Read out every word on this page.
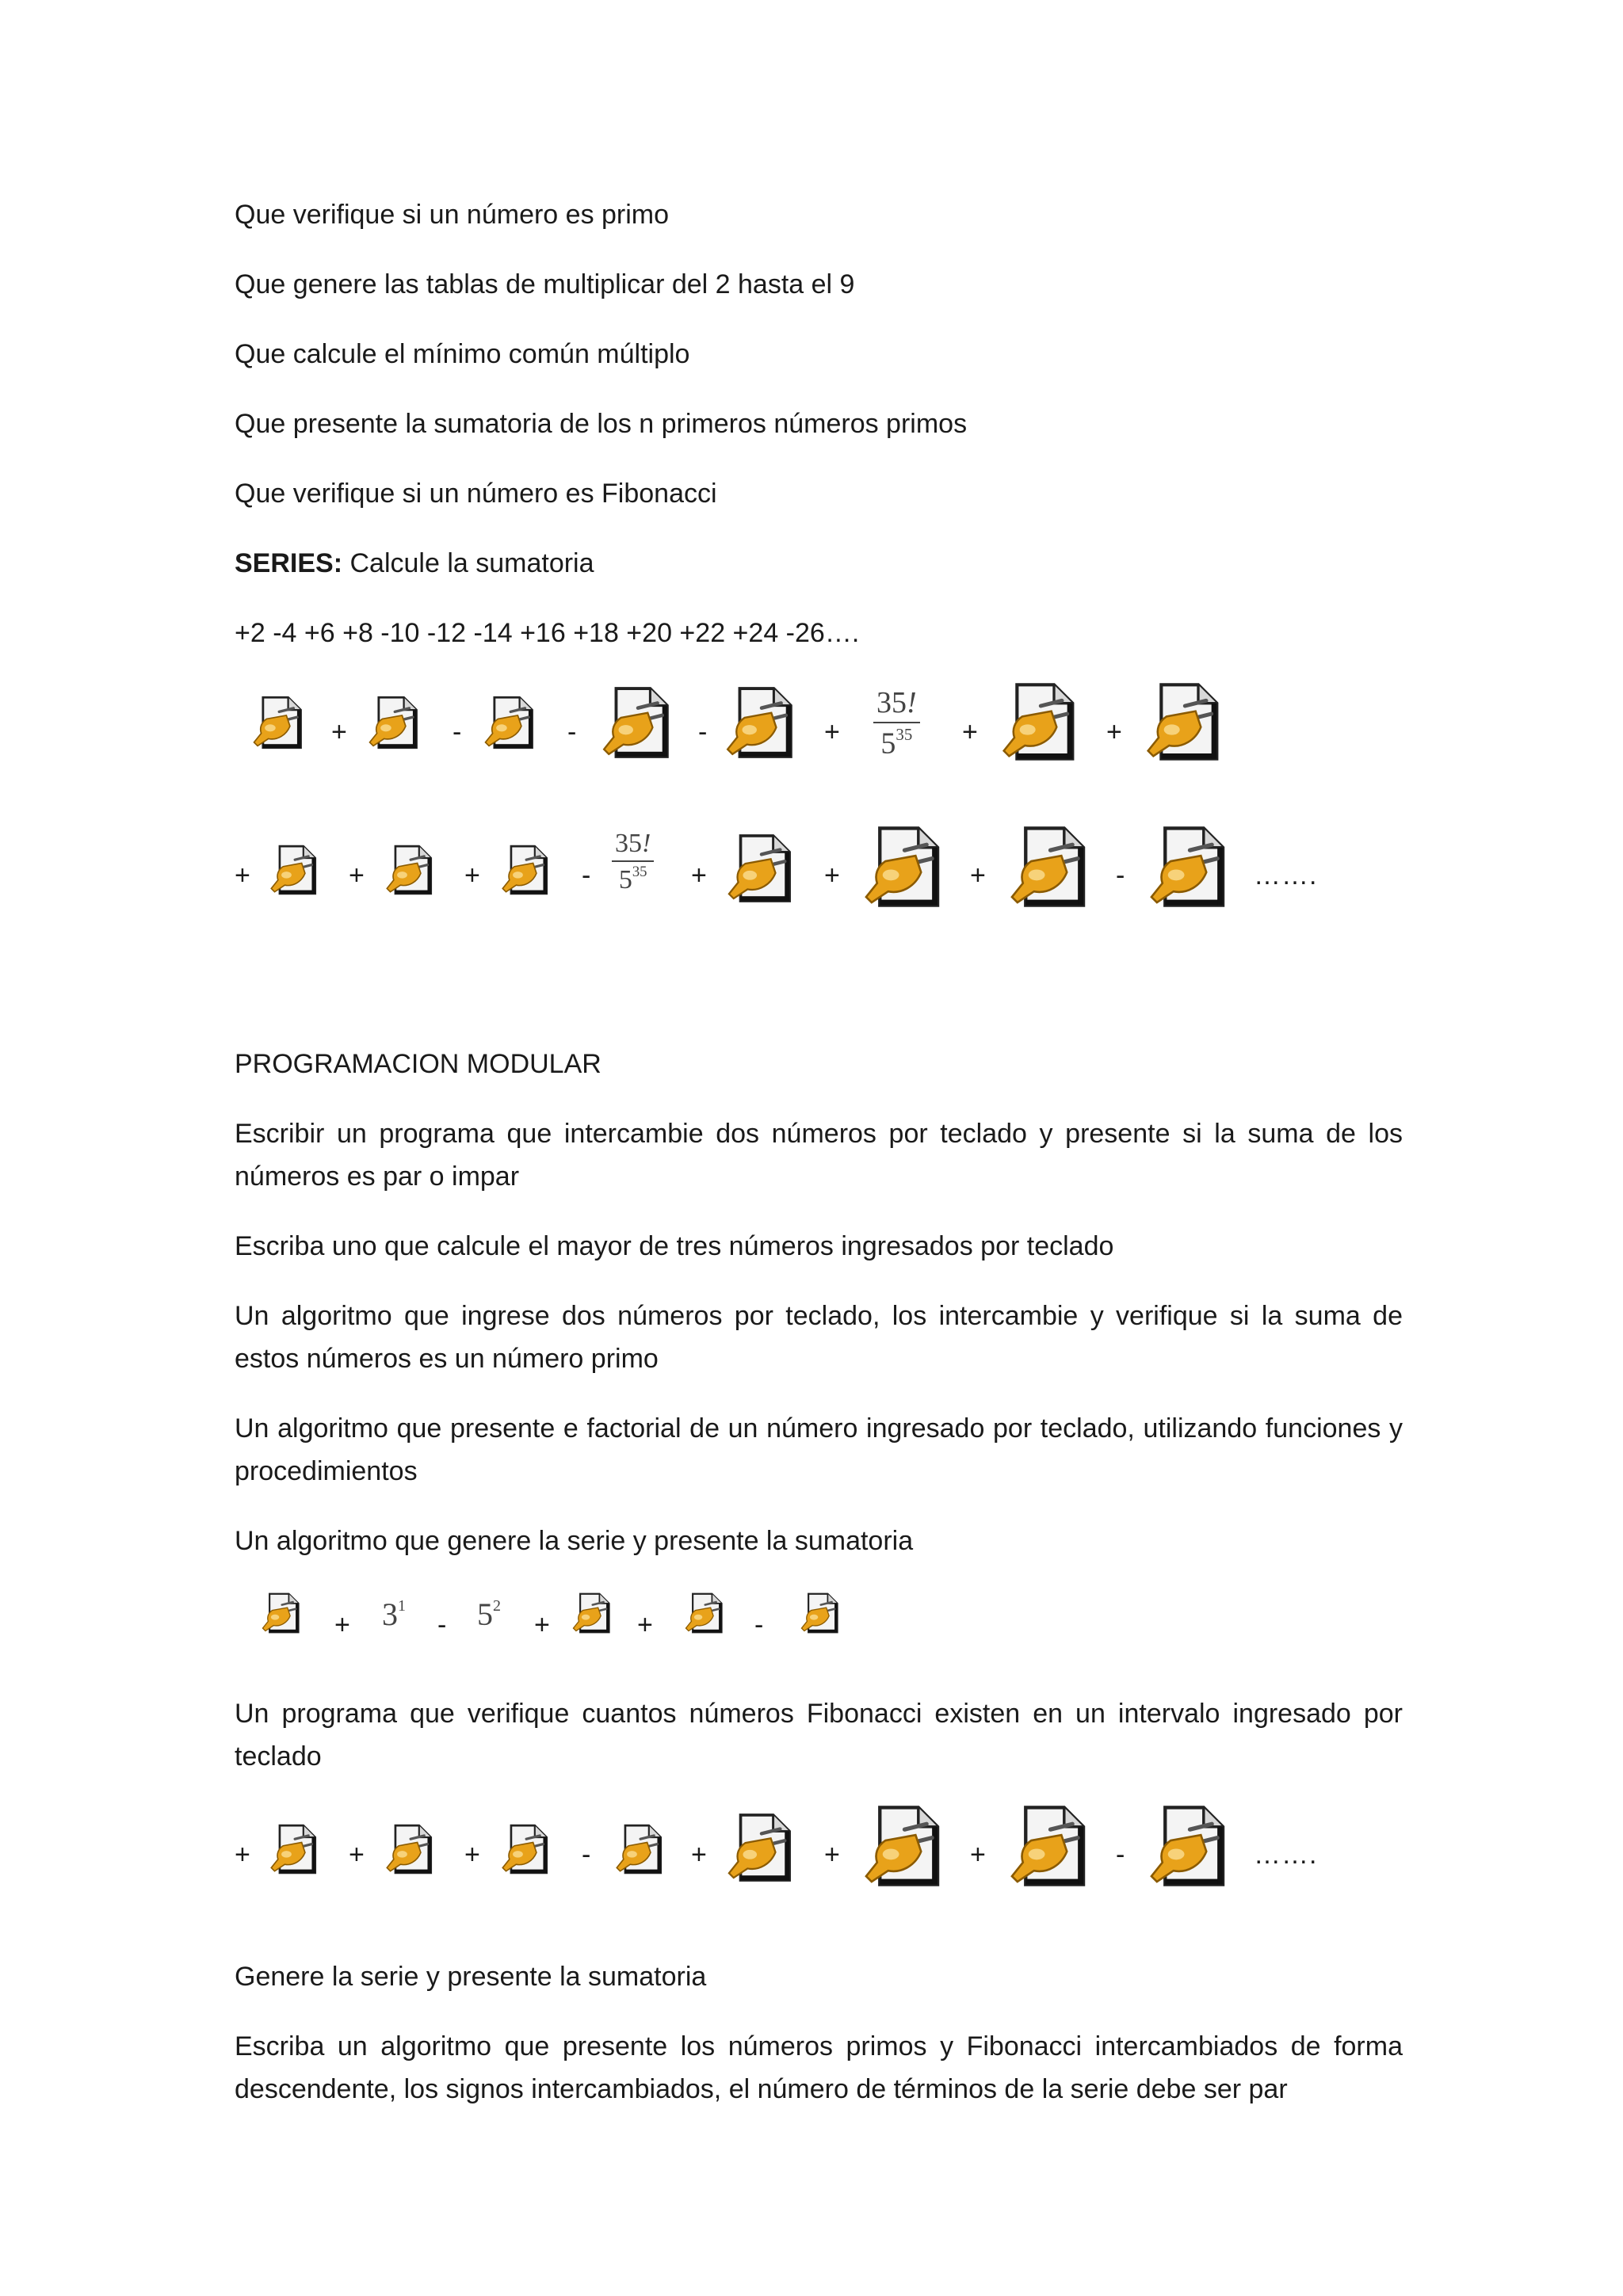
Que verifique si un número es primo
Que genere las tablas de multiplicar del 2 hasta el 9
Que calcule el mínimo común múltiplo
Que presente la sumatoria de los n primeros números primos
Que verifique si un número es Fibonacci
SERIES: Calcule la sumatoria
+2 -4 +6 +8 -10 -12 -14 +16 +18 +20 +22 +24 -26….
+	-	-	-	+ $\frac{35!}{5^{35}}$ +	+
+	+	+	- $\frac{35!}{5^{35}}$ +	+	+	-	…….
PROGRAMACION MODULAR
Escribir un programa que intercambie dos números por teclado y presente si la suma de los números es par o impar
Escriba uno que calcule el mayor de tres números ingresados por teclado
Un algoritmo que ingrese dos números por teclado, los intercambie y verifique si la suma de estos números es un número primo
Un algoritmo que presente e factorial de un número ingresado por teclado, utilizando funciones y procedimientos
Un algoritmo que genere la serie y presente la sumatoria
+ $3^1$
- $5^2$
+	+	-
Un programa que verifique cuantos números Fibonacci existen en un intervalo ingresado por teclado
+	+	+	-	+	+	+	-	…….
Genere la serie y presente la sumatoria
Escriba un algoritmo que presente los números primos y Fibonacci intercambiados de forma descendente, los signos intercambiados, el número de términos de la serie debe ser par
